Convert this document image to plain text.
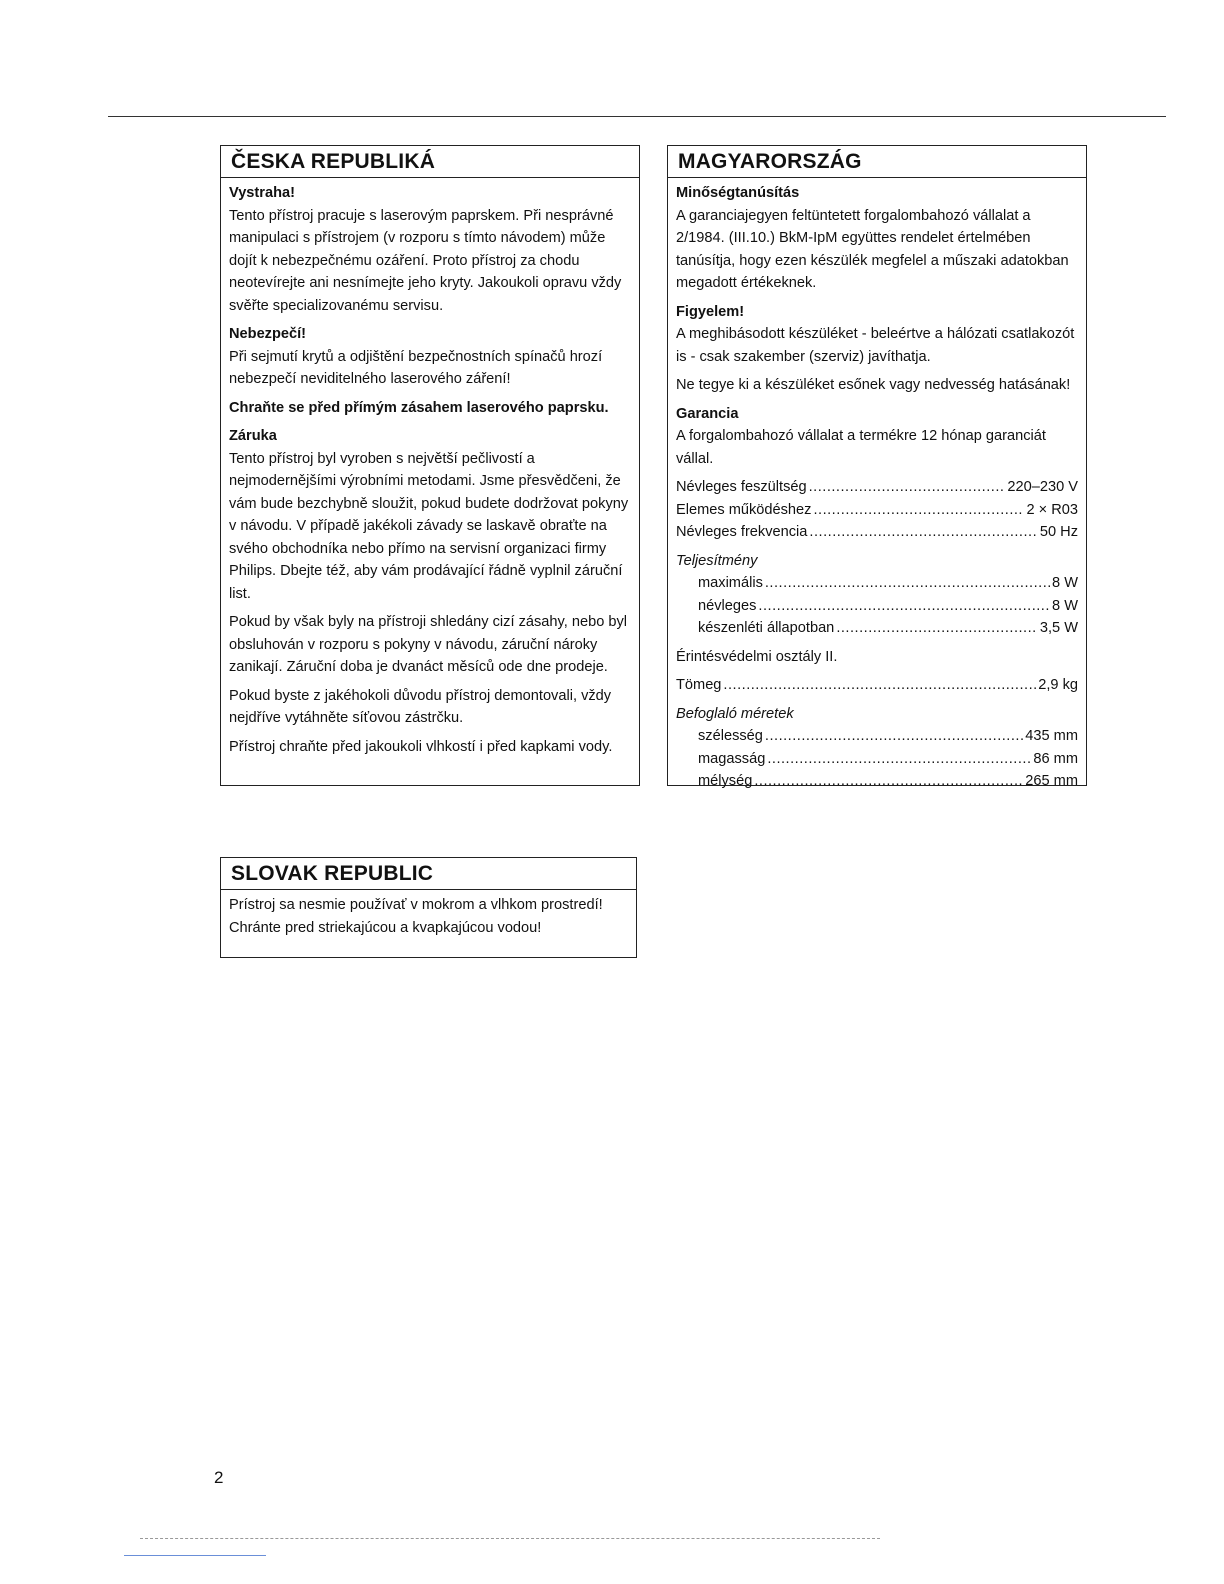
ČESKA REPUBLIKÁ
Vystraha!

Tento přístroj pracuje s laserovým paprskem. Při nesprávné manipulaci s přístrojem (v rozporu s tímto návodem) může dojít k nebezpečnému ozáření. Proto přístroj za chodu neotevírejte ani nesnímejte jeho kryty. Jakoukoli opravu vždy svěřte specializovanému servisu.

Nebezpečí!

Při sejmutí krytů a odjištění bezpečnostních spínačů hrozí nebezpečí neviditelného laserového záření!

Chraňte se před přímým zásahem laserového paprsku.
Záruka

Tento přístroj byl vyroben s největší pečlivostí a nejmodernějšími výrobními metodami. Jsme přesvědčeni, že vám bude bezchybně sloužit, pokud budete dodržovat pokyny v návodu. V případě jakékoli závady se laskavě obraťte na svého obchodníka nebo přímo na servisní organizaci firmy Philips. Dbejte též, aby vám prodávající řádně vyplnil záruční list.

Pokud by však byly na přístroji shledány cizí zásahy, nebo byl obsluhován v rozporu s pokyny v návodu, záruční nároky zanikají. Záruční doba je dvanáct měsíců ode dne prodeje.

Pokud byste z jakéhokoli důvodu přístroj demontovali, vždy nejdříve vytáhněte síťovou zástrčku.

Přístroj chraňte před jakoukoli vlhkostí i před kapkami vody.

MAGYARORSZÁG
Minőségtanúsítás

A garanciajegyen feltüntetett forgalombahozó vállalat a 2/1984. (III.10.) BkM-IpM együttes rendelet értelmében tanúsítja, hogy ezen készülék megfelel a műszaki adatokban megadott értékeknek.

Figyelem!

A meghibásodott készüléket - beleértve a hálózati csatlakozót is - csak szakember (szerviz) javíthatja.

Ne tegye ki a készüléket esőnek vagy nedvesség hatásának!

Garancia

A forgalombahozó vállalat a termékre 12 hónap garanciát vállal.

Névleges feszültség .....	220–230 V
Elemes működéshez .....	2 × R03
Névleges frekvencia .....	50 Hz
Teljesítmény
maximális .....	8 W
névleges .....	8 W
készenléti állapotban .....	3,5 W
Érintésvédelmi osztály II.
Tömeg .....	2,9 kg
Befoglaló méretek
szélesség .....	435 mm
magasság .....	86 mm
mélység .....	265 mm
SLOVAK REPUBLIC
Prístroj sa nesmie používať v mokrom a vlhkom prostredí!
Chránte pred striekajúcou a kvapkajúcou vodou!
2
